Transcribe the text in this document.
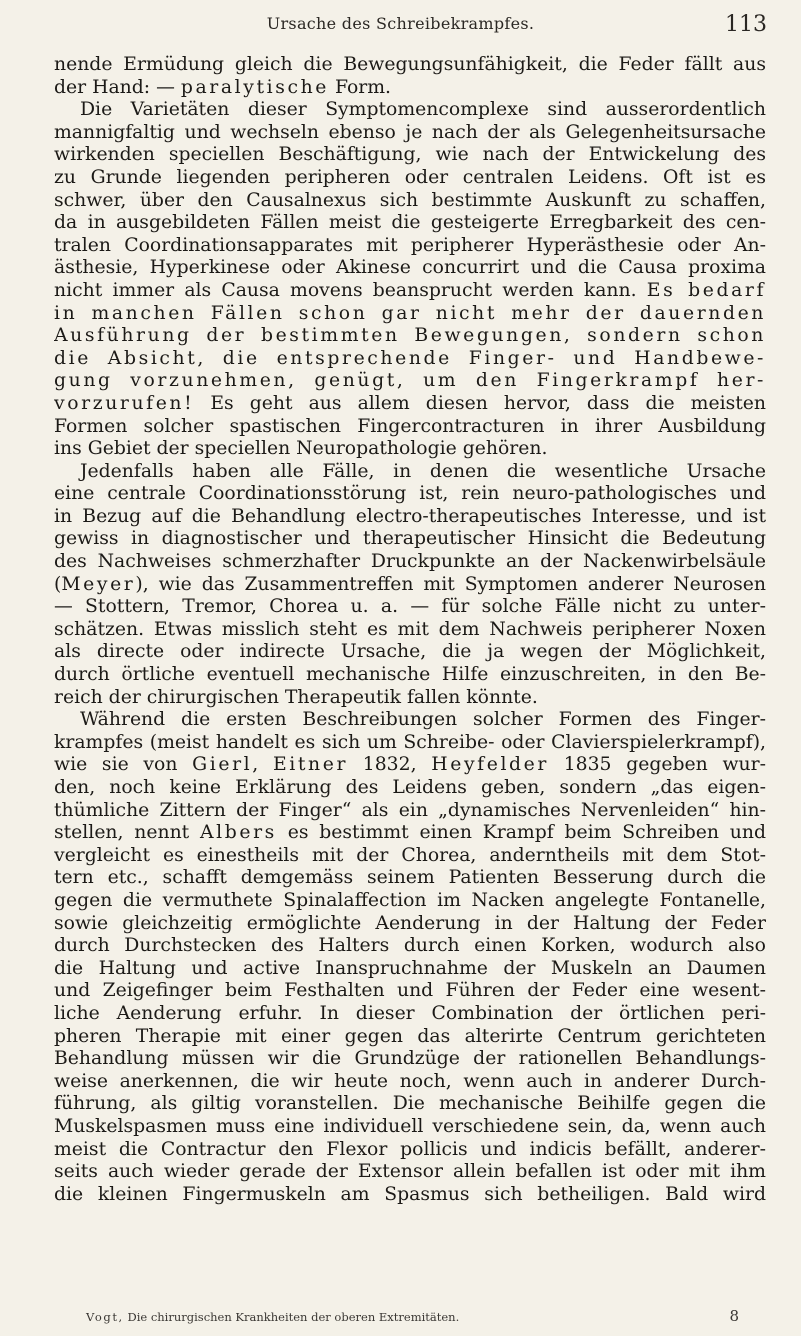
Ursache des Schreibekrampfes.	113
nende Ermüdung gleich die Bewegungsunfähigkeit, die Feder fällt aus
der Hand: — paralytische Form.
Die Varietäten dieser Symptomencomplexe sind ausserordentlich
mannigfaltig und wechseln ebenso je nach der als Gelegenheitsursache
wirkenden speciellen Beschäftigung, wie nach der Entwickelung des
zu Grunde liegenden peripheren oder centralen Leidens. Oft ist es
schwer, über den Causalnexus sich bestimmte Auskunft zu schaffen,
da in ausgebildeten Fällen meist die gesteigerte Erregbarkeit des cen-
tralen Coordinationsapparates mit peripherer Hyperästhesie oder An-
ästhesie, Hyperkinese oder Akinese concurrirt und die Causa proxima
nicht immer als Causa movens beansprucht werden kann. Es bedarf
in manchen Fällen schon gar nicht mehr der dauernden
Ausführung der bestimmten Bewegungen, sondern schon
die Absicht, die entsprechende Finger- und Handbewe-
gung vorzunehmen, genügt, um den Fingerkrampf her-
vorzurufen! Es geht aus allem diesen hervor, dass die meisten
Formen solcher spastischen Fingercontracturen in ihrer Ausbildung
ins Gebiet der speciellen Neuropathologie gehören.
Jedenfalls haben alle Fälle, in denen die wesentliche Ursache
eine centrale Coordinationsstörung ist, rein neuro-pathologisches und
in Bezug auf die Behandlung electro-therapeutisches Interesse, und ist
gewiss in diagnostischer und therapeutischer Hinsicht die Bedeutung
des Nachweises schmerzhafter Druckpunkte an der Nackenwirbelsäule
(Meyer), wie das Zusammentreffen mit Symptomen anderer Neurosen
— Stottern, Tremor, Chorea u. a. — für solche Fälle nicht zu unter-
schätzen. Etwas misslich steht es mit dem Nachweis peripherer Noxen
als directe oder indirecte Ursache, die ja wegen der Möglichkeit,
durch örtliche eventuell mechanische Hilfe einzuschreiten, in den Be-
reich der chirurgischen Therapeutik fallen könnte.
Während die ersten Beschreibungen solcher Formen des Finger-
krampfes (meist handelt es sich um Schreibe- oder Clavierspielerkrampf),
wie sie von Gierl, Eitner 1832, Heyfelder 1835 gegeben wur-
den, noch keine Erklärung des Leidens geben, sondern „das eigen-
thümliche Zittern der Finger“ als ein „dynamisches Nervenleiden“ hin-
stellen, nennt Albers es bestimmt einen Krampf beim Schreiben und
vergleicht es einestheils mit der Chorea, anderntheils mit dem Stot-
tern etc., schafft demgemäss seinem Patienten Besserung durch die
gegen die vermuthete Spinalaffection im Nacken angelegte Fontanelle,
sowie gleichzeitig ermöglichte Aenderung in der Haltung der Feder
durch Durchstecken des Halters durch einen Korken, wodurch also
die Haltung und active Inanspruchnahme der Muskeln an Daumen
und Zeigefinger beim Festhalten und Führen der Feder eine wesent-
liche Aenderung erfuhr. In dieser Combination der örtlichen peri-
pheren Therapie mit einer gegen das alterirte Centrum gerichteten
Behandlung müssen wir die Grundzüge der rationellen Behandlungs-
weise anerkennen, die wir heute noch, wenn auch in anderer Durch-
führung, als giltig voranstellen. Die mechanische Beihilfe gegen die
Muskelspasmen muss eine individuell verschiedene sein, da, wenn auch
meist die Contractur den Flexor pollicis und indicis befällt, anderer-
seits auch wieder gerade der Extensor allein befallen ist oder mit ihm
die kleinen Fingermuskeln am Spasmus sich betheiligen. Bald wird
Vogt, Die chirurgischen Krankheiten der oberen Extremitäten.	8
